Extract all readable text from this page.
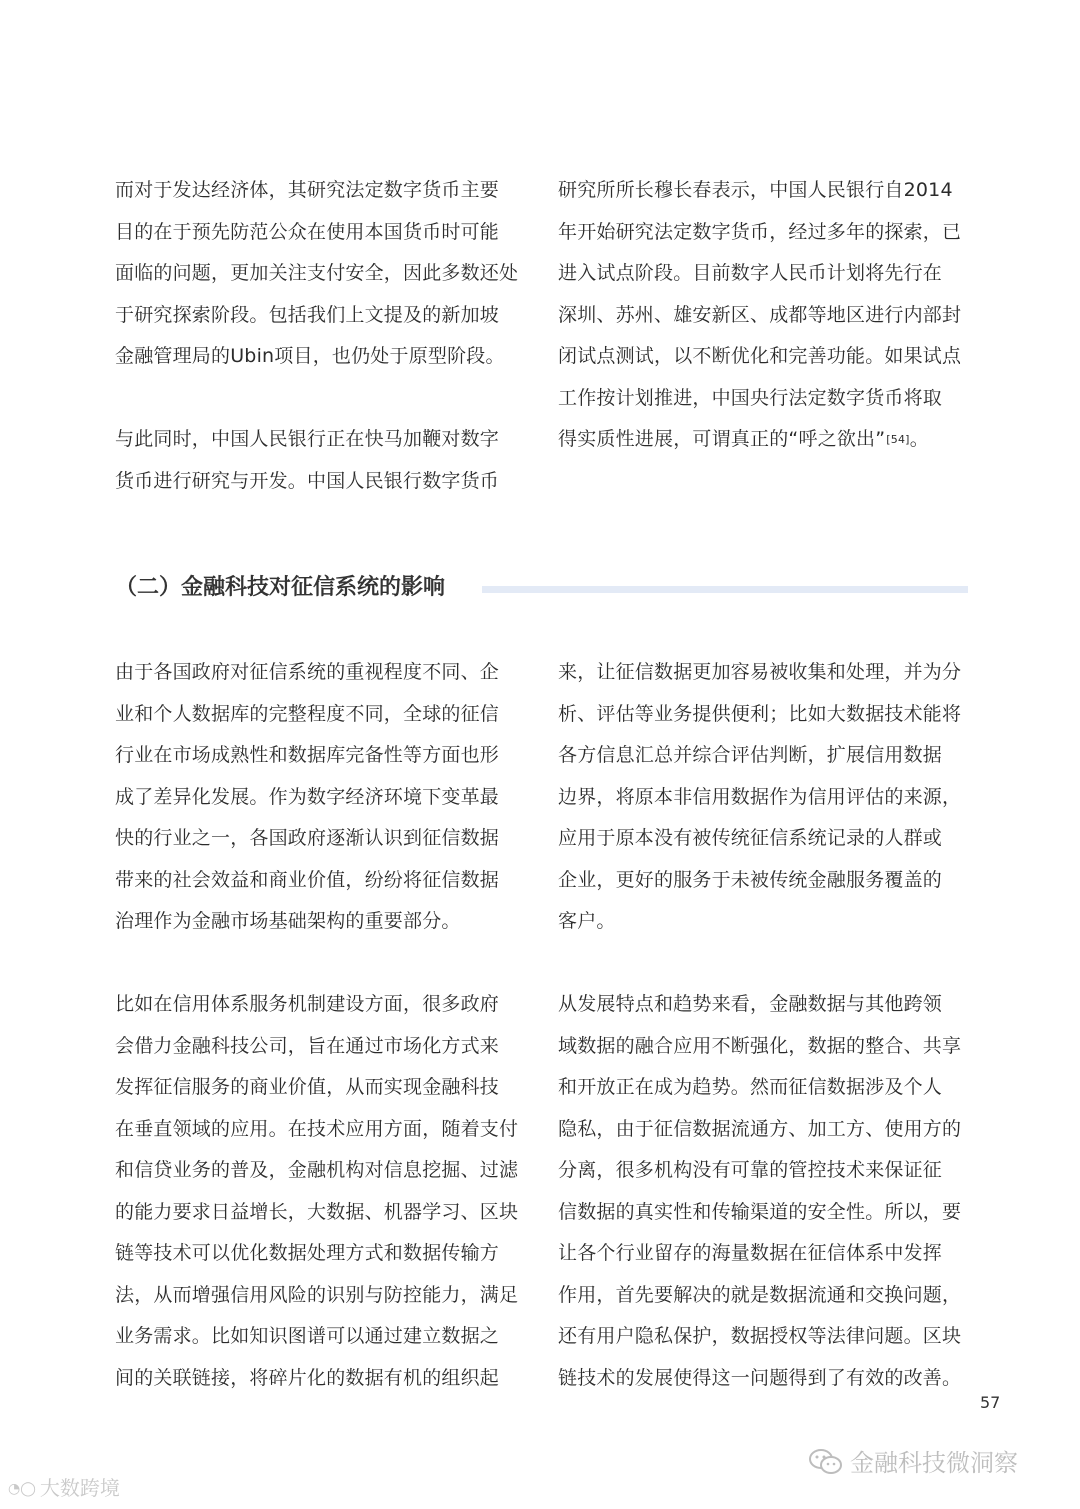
而对于发达经济体，其研究法定数字货币主要
目的在于预先防范公众在使用本国货币时可能
面临的问题，更加关注支付安全，因此多数还处
于研究探索阶段。包括我们上文提及的新加坡
金融管理局的Ubin项目，也仍处于原型阶段。
与此同时，中国人民银行正在快马加鞭对数字
货币进行研究与开发。中国人民银行数字货币
研究所所长穆长春表示，中国人民银行自2014
年开始研究法定数字货币，经过多年的探索，已
进入试点阶段。目前数字人民币计划将先行在
深圳、苏州、雄安新区、成都等地区进行内部封
闭试点测试，以不断优化和完善功能。如果试点
工作按计划推进，中国央行法定数字货币将取
得实质性进展，可谓真正的“呼之欲出”[54]。
（二）金融科技对征信系统的影响
由于各国政府对征信系统的重视程度不同、企
业和个人数据库的完整程度不同，全球的征信
行业在市场成熟性和数据库完备性等方面也形
成了差异化发展。作为数字经济环境下变革最
快的行业之一，各国政府逐渐认识到征信数据
带来的社会效益和商业价值，纷纷将征信数据
治理作为金融市场基础架构的重要部分。
比如在信用体系服务机制建设方面，很多政府
会借力金融科技公司，旨在通过市场化方式来
发挥征信服务的商业价值，从而实现金融科技
在垂直领域的应用。在技术应用方面，随着支付
和信贷业务的普及，金融机构对信息挖掘、过滤
的能力要求日益增长，大数据、机器学习、区块
链等技术可以优化数据处理方式和数据传输方
法，从而增强信用风险的识别与防控能力，满足
业务需求。比如知识图谱可以通过建立数据之
间的关联链接，将碎片化的数据有机的组织起
来，让征信数据更加容易被收集和处理，并为分
析、评估等业务提供便利；比如大数据技术能将
各方信息汇总并综合评估判断，扩展信用数据
边界，将原本非信用数据作为信用评估的来源，
应用于原本没有被传统征信系统记录的人群或
企业，更好的服务于未被传统金融服务覆盖的
客户。
从发展特点和趋势来看，金融数据与其他跨领
域数据的融合应用不断强化，数据的整合、共享
和开放正在成为趋势。然而征信数据涉及个人
隐私，由于征信数据流通方、加工方、使用方的
分离，很多机构没有可靠的管控技术来保证征
信数据的真实性和传输渠道的安全性。所以，要
让各个行业留存的海量数据在征信体系中发挥
作用，首先要解决的就是数据流通和交换问题，
还有用户隐私保护，数据授权等法律问题。区块
链技术的发展使得这一问题得到了有效的改善。
57
◔◯ 大数跨境
金融科技微洞察
